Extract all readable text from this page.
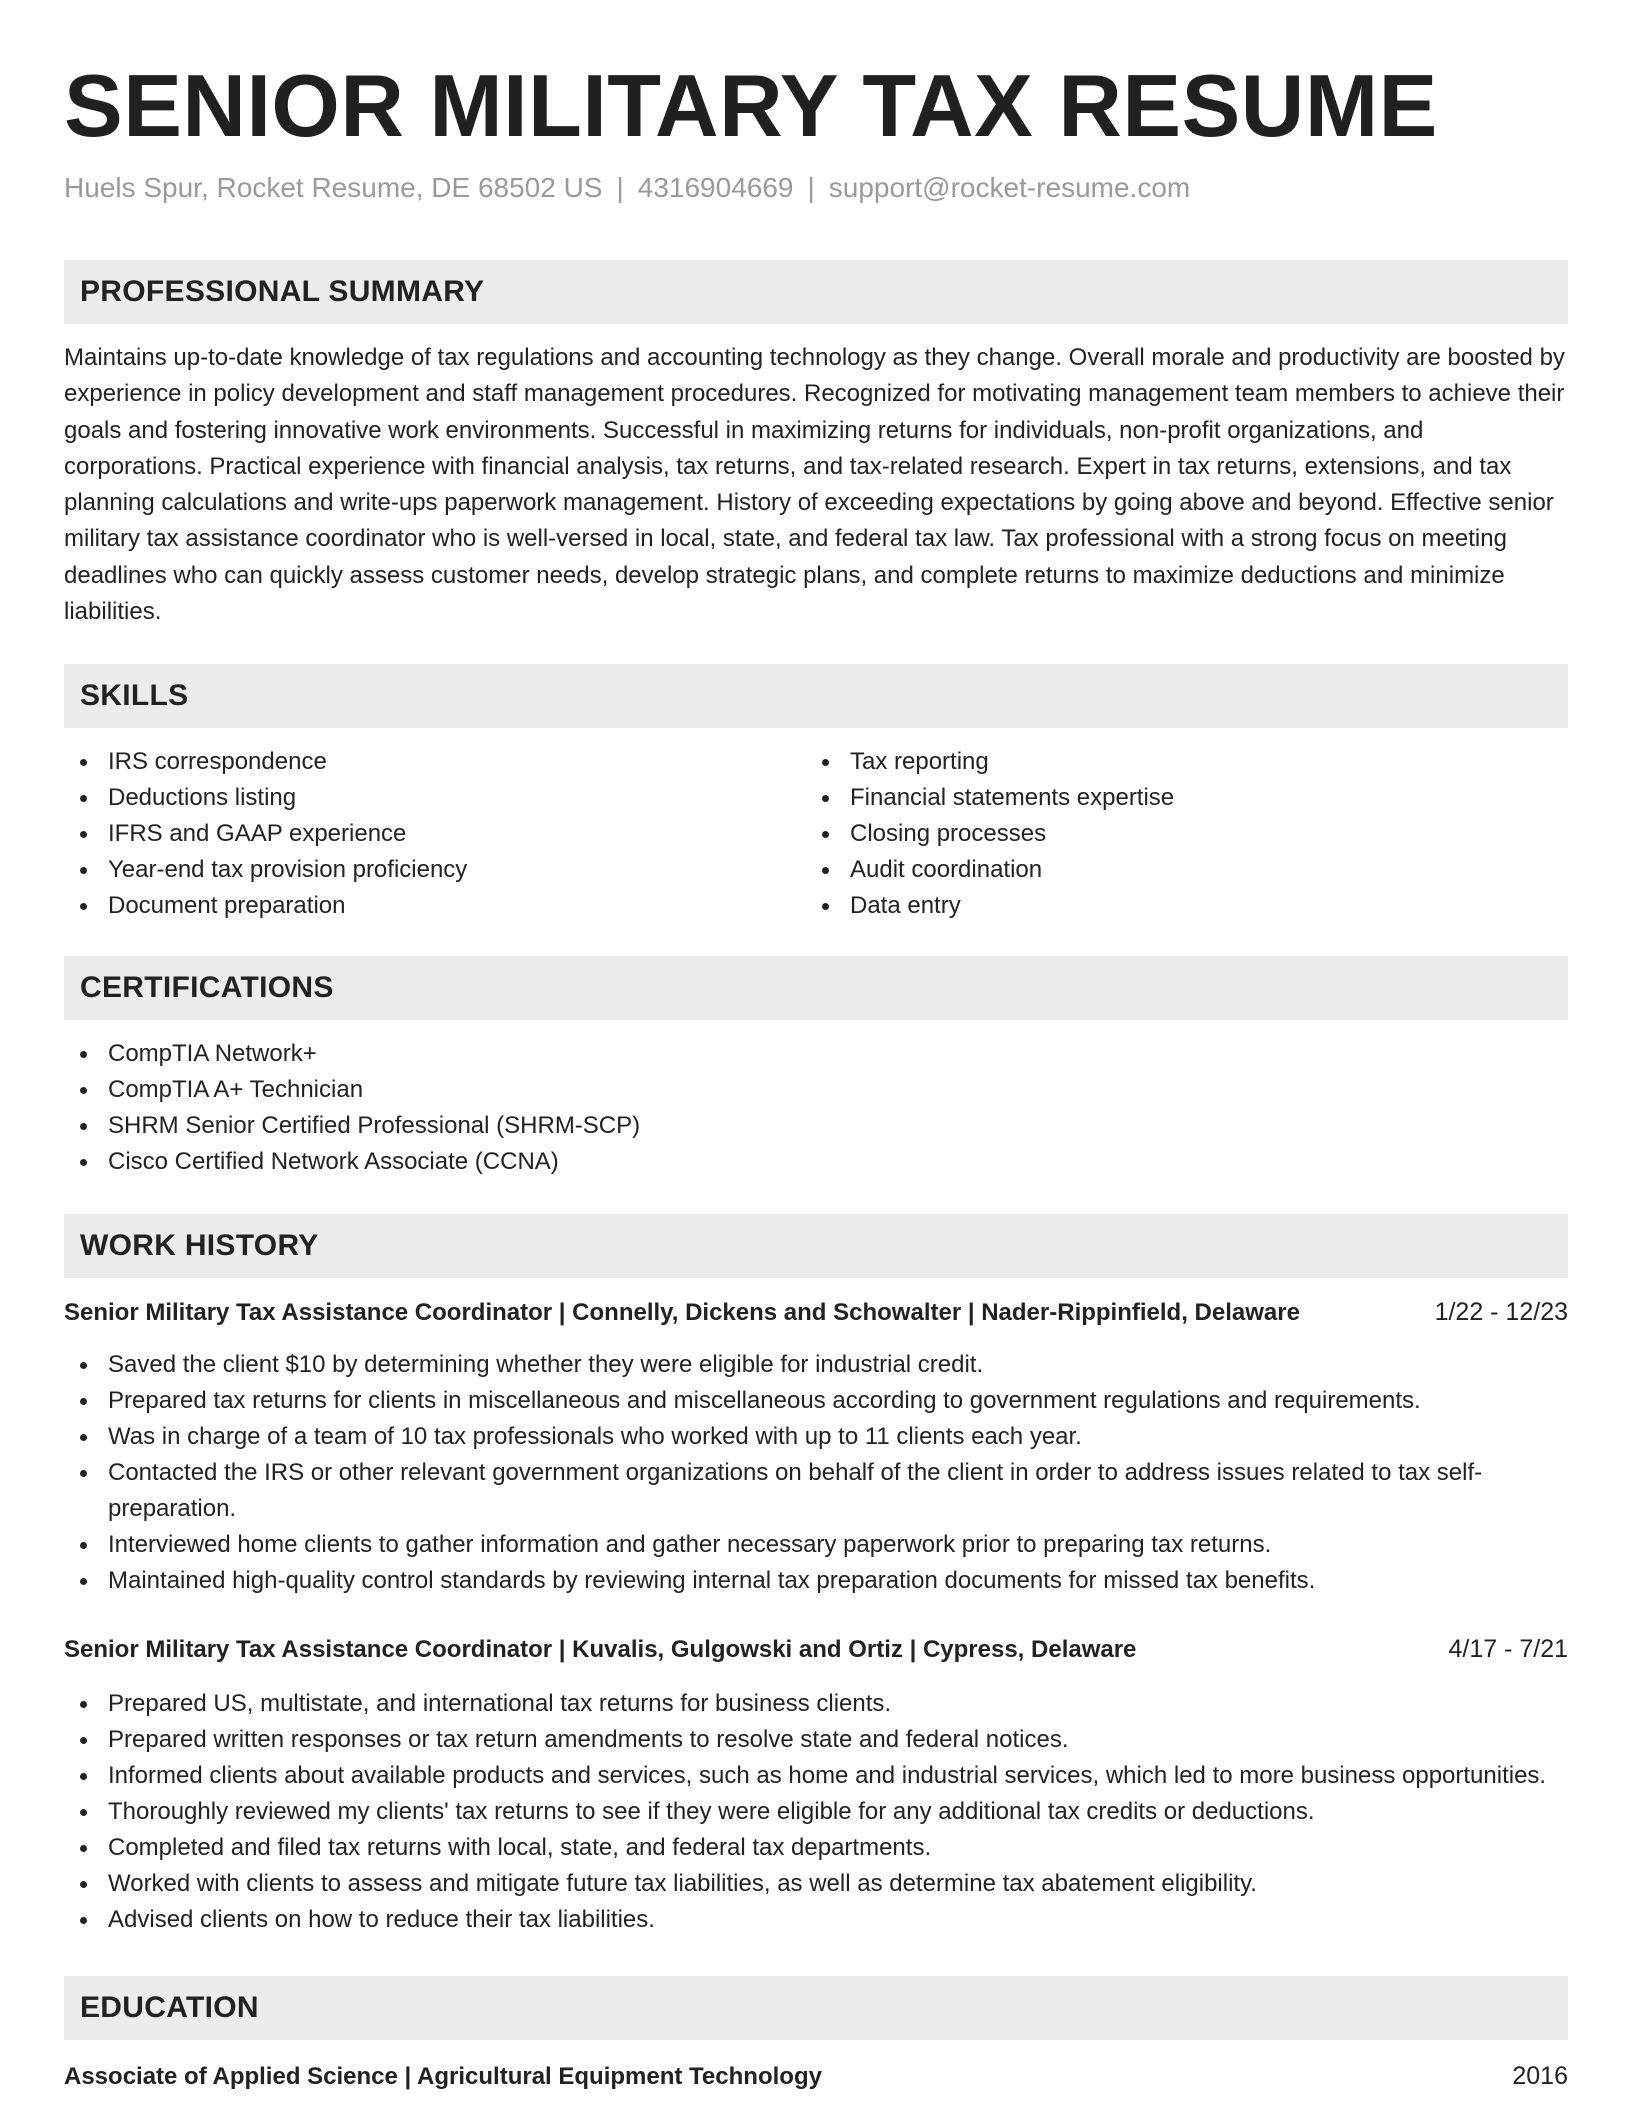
SENIOR MILITARY TAX RESUME
Huels Spur, Rocket Resume, DE 68502 US | 4316904669 | support@rocket-resume.com
PROFESSIONAL SUMMARY

Maintains up-to-date knowledge of tax regulations and accounting technology as they change. Overall morale and productivity are boosted by experience in policy development and staff management procedures. Recognized for motivating management team members to achieve their goals and fostering innovative work environments. Successful in maximizing returns for individuals, non-profit organizations, and corporations. Practical experience with financial analysis, tax returns, and tax-related research. Expert in tax returns, extensions, and tax planning calculations and write-ups paperwork management. History of exceeding expectations by going above and beyond. Effective senior military tax assistance coordinator who is well-versed in local, state, and federal tax law. Tax professional with a strong focus on meeting deadlines who can quickly assess customer needs, develop strategic plans, and complete returns to maximize deductions and minimize liabilities.

SKILLS
IRS correspondence
Deductions listing
IFRS and GAAP experience
Year-end tax provision proficiency
Document preparation
Tax reporting
Financial statements expertise
Closing processes
Audit coordination
Data entry
CERTIFICATIONS
CompTIA Network+
CompTIA A+ Technician
SHRM Senior Certified Professional (SHRM-SCP)
Cisco Certified Network Associate (CCNA)
WORK HISTORY
Senior Military Tax Assistance Coordinator | Connelly, Dickens and Schowalter | Nader-Rippinfield, Delaware	1/22 - 12/23
Saved the client $10 by determining whether they were eligible for industrial credit.
Prepared tax returns for clients in miscellaneous and miscellaneous according to government regulations and requirements.
Was in charge of a team of 10 tax professionals who worked with up to 11 clients each year.
Contacted the IRS or other relevant government organizations on behalf of the client in order to address issues related to tax self-preparation.
Interviewed home clients to gather information and gather necessary paperwork prior to preparing tax returns.
Maintained high-quality control standards by reviewing internal tax preparation documents for missed tax benefits.
Senior Military Tax Assistance Coordinator | Kuvalis, Gulgowski and Ortiz | Cypress, Delaware	4/17 - 7/21
Prepared US, multistate, and international tax returns for business clients.
Prepared written responses or tax return amendments to resolve state and federal notices.
Informed clients about available products and services, such as home and industrial services, which led to more business opportunities.
Thoroughly reviewed my clients' tax returns to see if they were eligible for any additional tax credits or deductions.
Completed and filed tax returns with local, state, and federal tax departments.
Worked with clients to assess and mitigate future tax liabilities, as well as determine tax abatement eligibility.
Advised clients on how to reduce their tax liabilities.
EDUCATION
Associate of Applied Science | Agricultural Equipment Technology	2016
